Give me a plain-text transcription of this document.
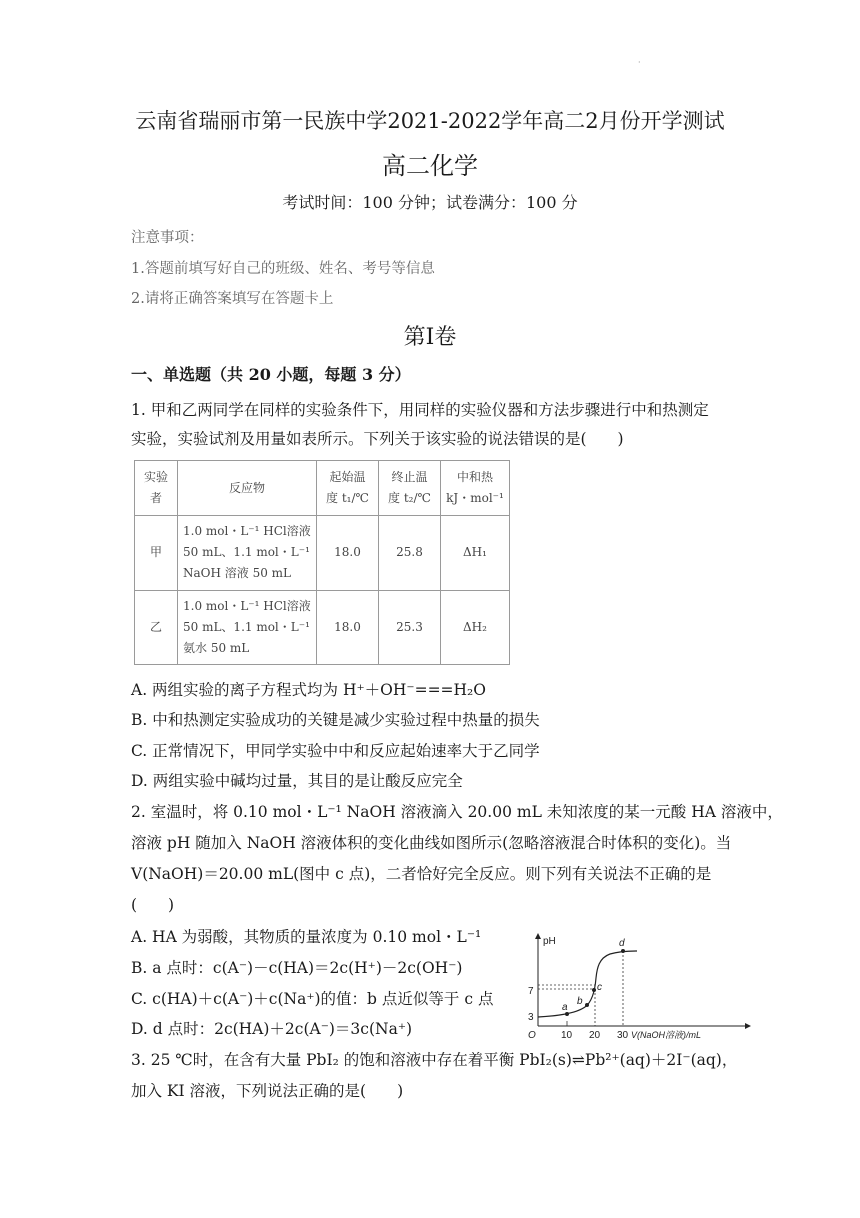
·
云南省瑞丽市第一民族中学2021-2022学年高二2月份开学测试
高二化学
考试时间：100 分钟；试卷满分：100 分
注意事项：
1.答题前填写好自己的班级、姓名、考号等信息
2.请将正确答案填写在答题卡上
第Ⅰ卷
一、单选题（共 20 小题，每题 3 分）
1. 甲和乙两同学在同样的实验条件下，用同样的实验仪器和方法步骤进行中和热测定
实验，实验试剂及用量如表所示。下列关于该实验的说法错误的是(　　)
实验
者	反应物	起始温
度 t₁/℃	终止温
度 t₂/℃	中和热
kJ・mol⁻¹
甲	1.0 mol・L⁻¹ HCl溶液
50 mL、1.1 mol・L⁻¹
NaOH 溶液 50 mL	18.0	25.8	ΔH₁
乙	1.0 mol・L⁻¹ HCl溶液
50 mL、1.1 mol・L⁻¹
氨水 50 mL	18.0	25.3	ΔH₂
A. 两组实验的离子方程式均为 H⁺＋OH⁻===H₂O
B. 中和热测定实验成功的关键是减少实验过程中热量的损失
C. 正常情况下，甲同学实验中中和反应起始速率大于乙同学
D. 两组实验中碱均过量，其目的是让酸反应完全
2. 室温时，将 0.10 mol・L⁻¹ NaOH 溶液滴入 20.00 mL 未知浓度的某一元酸 HA 溶液中，
溶液 pH 随加入 NaOH 溶液体积的变化曲线如图所示(忽略溶液混合时体积的变化)。当
V(NaOH)＝20.00 mL(图中 c 点)，二者恰好完全反应。则下列有关说法不正确的是
(　　)
A. HA 为弱酸，其物质的量浓度为 0.10 mol・L⁻¹
B. a 点时：c(A⁻)－c(HA)＝2c(H⁺)－2c(OH⁻)
C. c(HA)＋c(A⁻)＋c(Na⁺)的值：b 点近似等于 c 点
D. d 点时：2c(HA)＋2c(A⁻)＝3c(Na⁺)
pH
O
3
7
10 20 30 V(NaOH溶液)/mL
a
b
c
d
3. 25 ℃时，在含有大量 PbI₂ 的饱和溶液中存在着平衡 PbI₂(s)⇌Pb²⁺(aq)＋2I⁻(aq)，
加入 KI 溶液，下列说法正确的是(　　)
